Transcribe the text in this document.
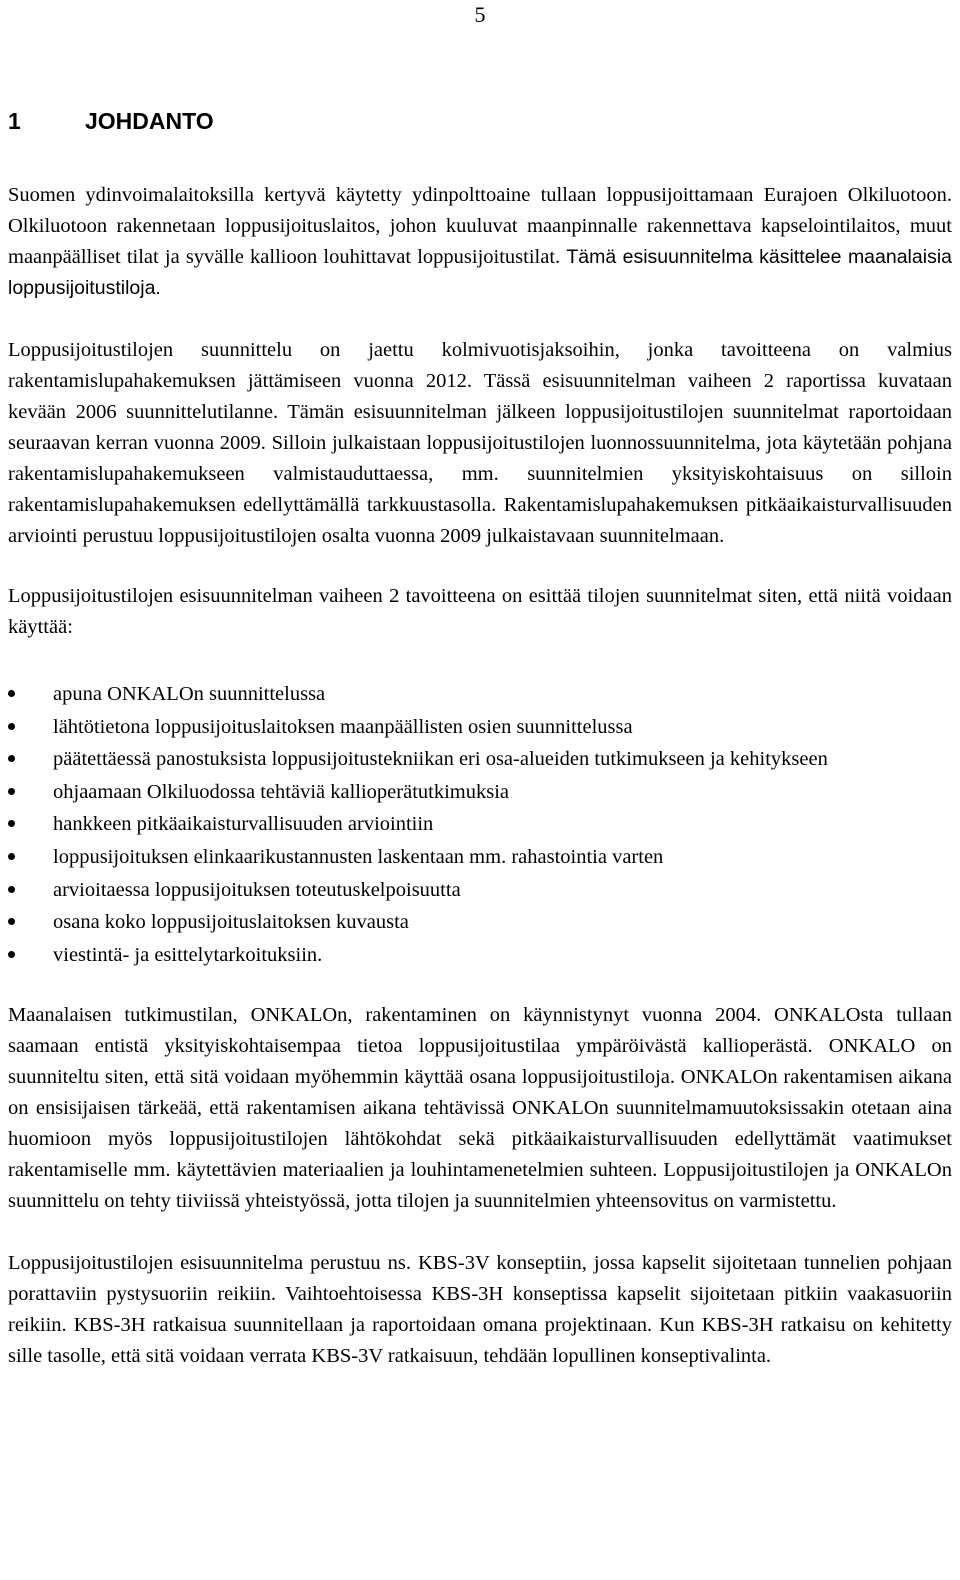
5
1	JOHDANTO

Suomen ydinvoimalaitoksilla kertyvä käytetty ydinpolttoaine tullaan loppusijoittamaan Eurajoen Olkiluotoon. Olkiluotoon rakennetaan loppusijoituslaitos, johon kuuluvat maanpinnalle rakennettava kapselointilaitos, muut maanpäälliset tilat ja syvälle kallioon louhittavat loppusijoitustilat. Tämä esisuunnitelma käsittelee maanalaisia loppusijoitustiloja.

Loppusijoitustilojen suunnittelu on jaettu kolmivuotisjaksoihin, jonka tavoitteena on valmius rakentamislupahakemuksen jättämiseen vuonna 2012. Tässä esisuunnitelman vaiheen 2 raportissa kuvataan kevään 2006 suunnittelutilanne. Tämän esisuunnitelman jälkeen loppusijoitustilojen suunnitelmat raportoidaan seuraavan kerran vuonna 2009. Silloin julkaistaan loppusijoitustilojen luonnossuunnitelma, jota käytetään pohjana rakentamislupahakemukseen valmistauduttaessa, mm. suunnitelmien yksityiskohtaisuus on silloin rakentamislupahakemuksen edellyttämällä tarkkuustasolla. Rakentamislupahakemuksen pitkäaikaisturvallisuuden arviointi perustuu loppusijoitustilojen osalta vuonna 2009 julkaistavaan suunnitelmaan.

Loppusijoitustilojen esisuunnitelman vaiheen 2 tavoitteena on esittää tilojen suunnitelmat siten, että niitä voidaan käyttää:

apuna ONKALOn suunnittelussa
lähtötietona loppusijoituslaitoksen maanpäällisten osien suunnittelussa
päätettäessä panostuksista loppusijoitustekniikan eri osa-alueiden tutkimukseen ja kehitykseen
ohjaamaan Olkiluodossa tehtäviä kallioperätutkimuksia
hankkeen pitkäaikaisturvallisuuden arviointiin
loppusijoituksen elinkaarikustannusten laskentaan mm. rahastointia varten
arvioitaessa loppusijoituksen toteutuskelpoisuutta
osana koko loppusijoituslaitoksen kuvausta
viestintä- ja esittelytarkoituksiin.

Maanalaisen tutkimustilan, ONKALOn, rakentaminen on käynnistynyt vuonna 2004. ONKALOsta tullaan saamaan entistä yksityiskohtaisempaa tietoa loppusijoitustilaa ympäröivästä kallioperästä. ONKALO on suunniteltu siten, että sitä voidaan myöhemmin käyttää osana loppusijoitustiloja. ONKALOn rakentamisen aikana on ensisijaisen tärkeää, että rakentamisen aikana tehtävissä ONKALOn suunnitelmamuutoksissakin otetaan aina huomioon myös loppusijoitustilojen lähtökohdat sekä pitkäaikaisturvallisuuden edellyttämät vaatimukset rakentamiselle mm. käytettävien materiaalien ja louhintamenetelmien suhteen. Loppusijoitustilojen ja ONKALOn suunnittelu on tehty tiiviissä yhteistyössä, jotta tilojen ja suunnitelmien yhteensovitus on varmistettu.

Loppusijoitustilojen esisuunnitelma perustuu ns. KBS-3V konseptiin, jossa kapselit sijoitetaan tunnelien pohjaan porattaviin pystysuoriin reikiin. Vaihtoehtoisessa KBS-3H konseptissa kapselit sijoitetaan pitkiin vaakasuoriin reikiin. KBS-3H ratkaisua suunnitellaan ja raportoidaan omana projektinaan. Kun KBS-3H ratkaisu on kehitetty sille tasolle, että sitä voidaan verrata KBS-3V ratkaisuun, tehdään lopullinen konseptivalinta.
